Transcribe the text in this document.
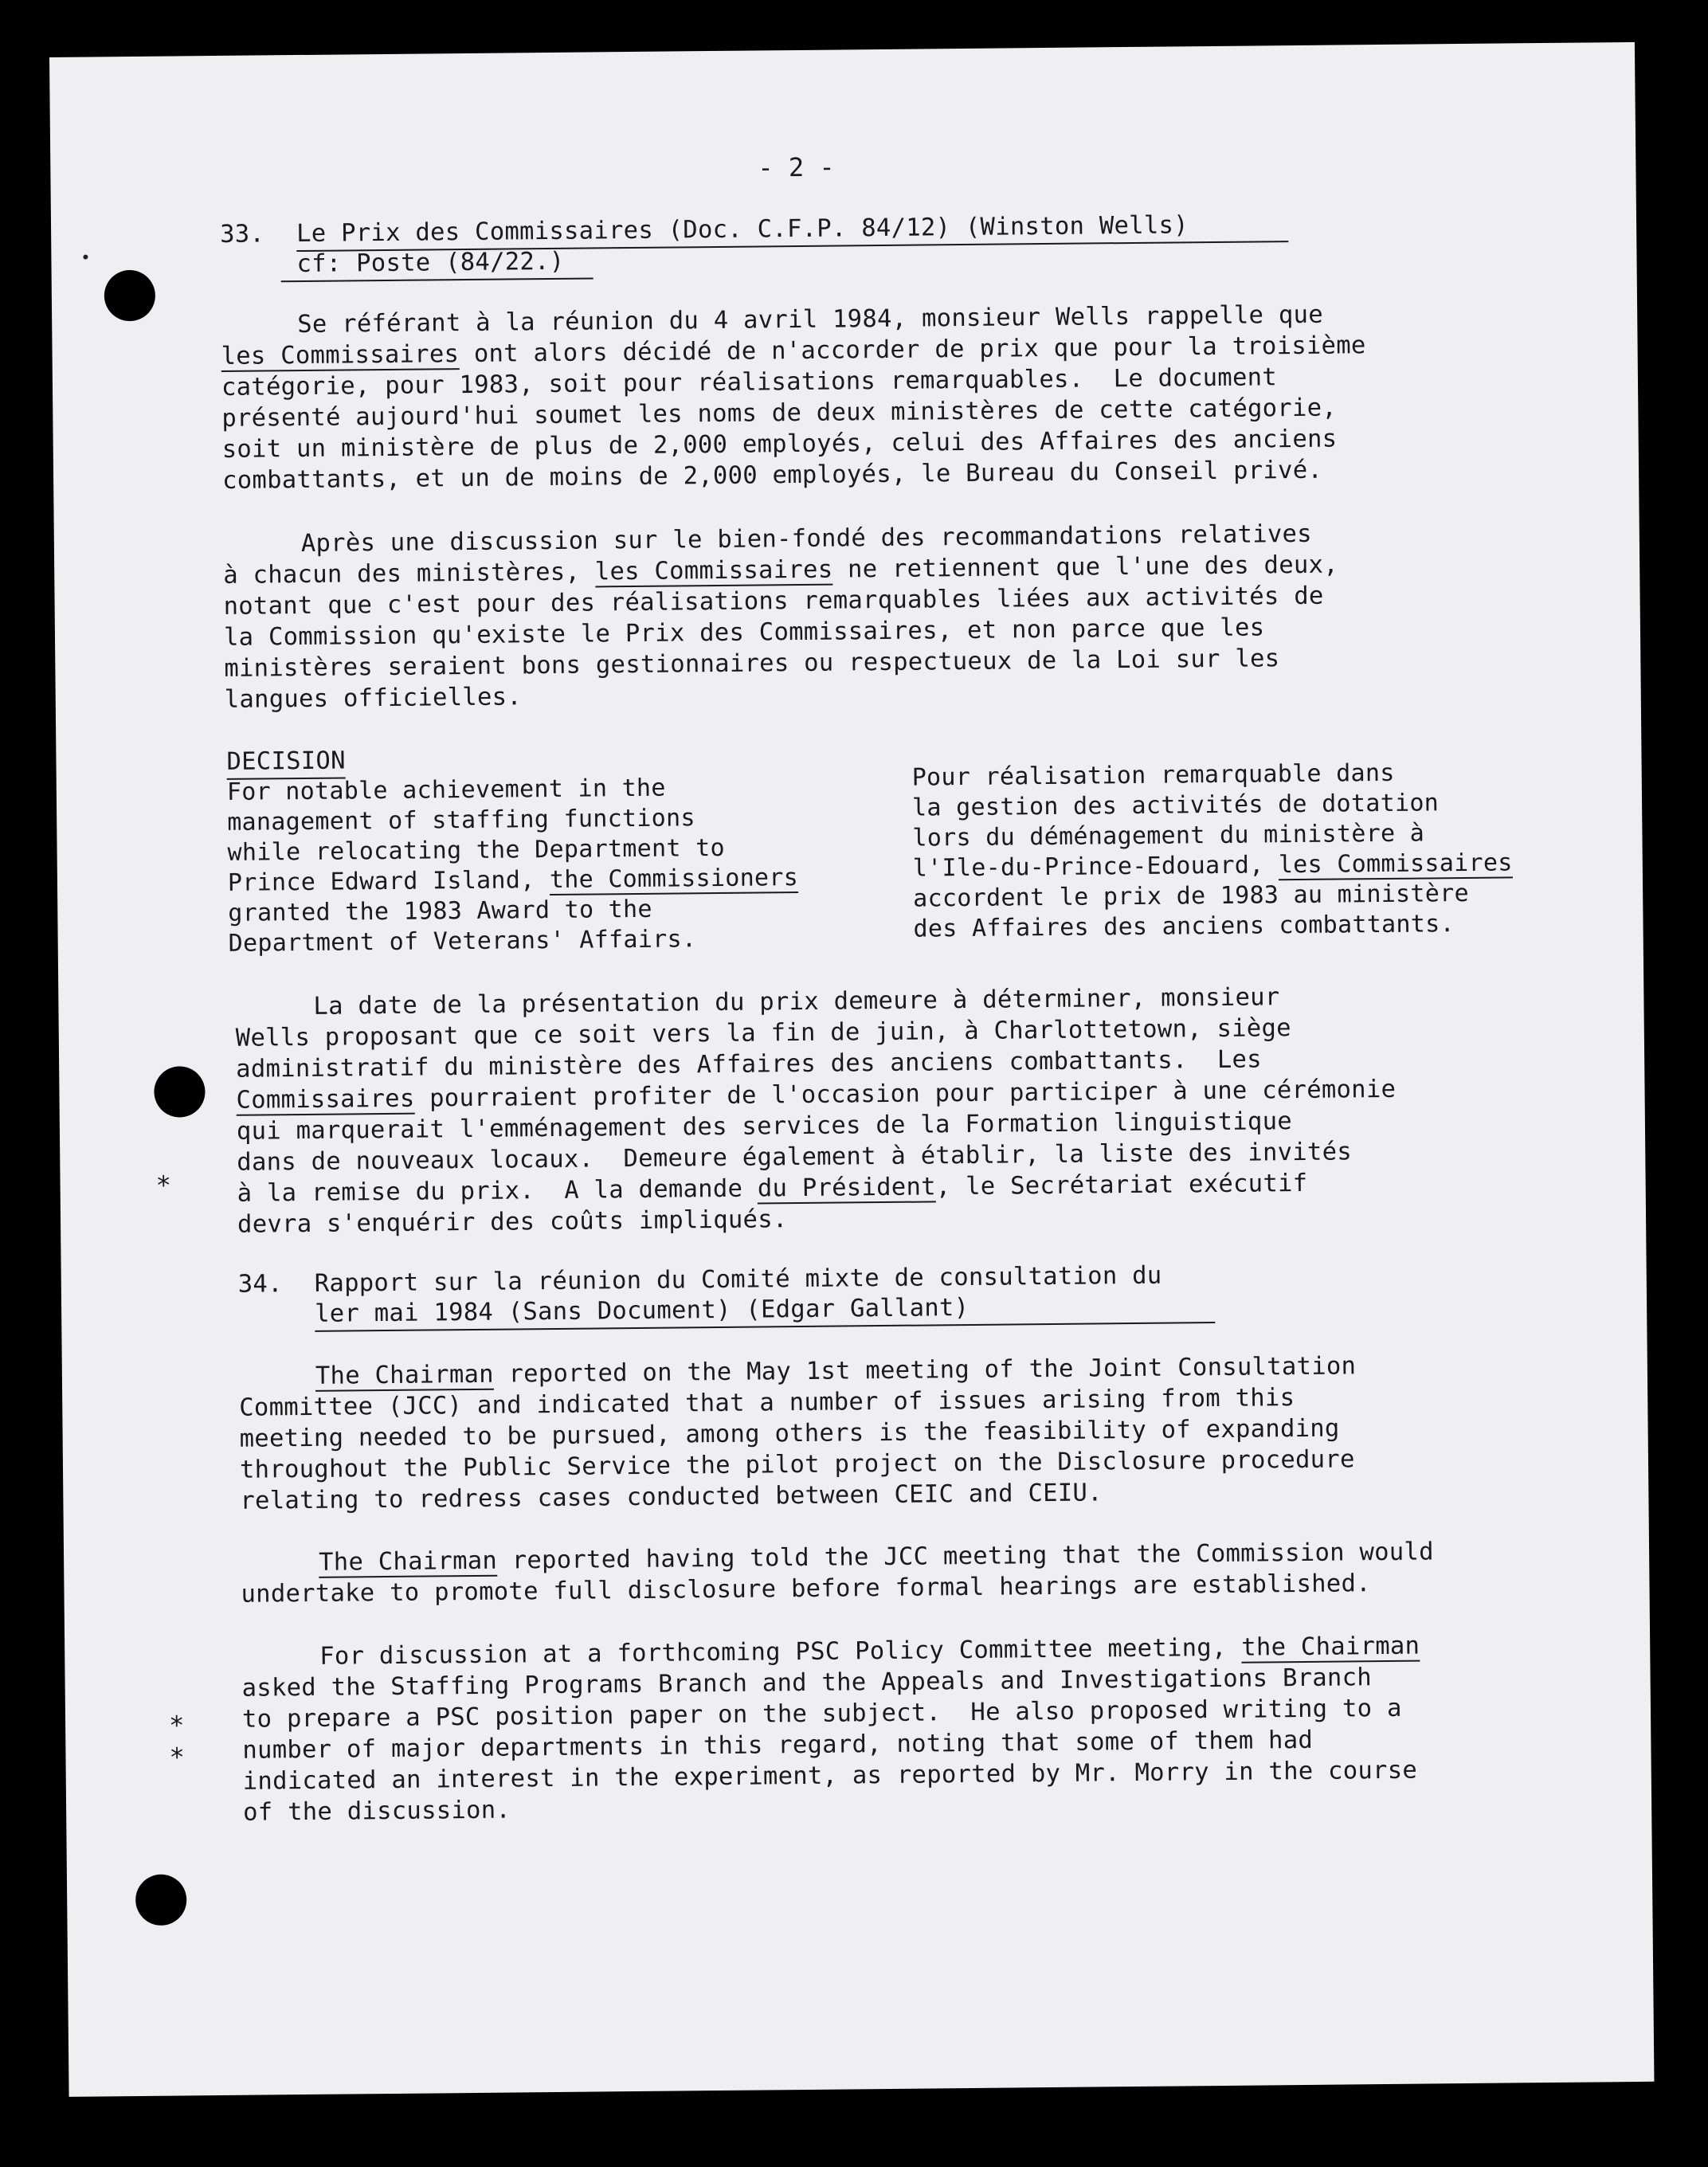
- 2 -
33. Le Prix des Commissaires (Doc. C.F.P. 84/12) (Winston Wells)
cf: Poste (84/22.)
Se référant à la réunion du 4 avril 1984, monsieur Wells rappelle que
les Commissaires ont alors décidé de n'accorder de prix que pour la troisième
catégorie, pour 1983, soit pour réalisations remarquables.  Le document
présenté aujourd'hui soumet les noms de deux ministères de cette catégorie,
soit un ministère de plus de 2,000 employés, celui des Affaires des anciens
combattants, et un de moins de 2,000 employés, le Bureau du Conseil privé.
Après une discussion sur le bien-fondé des recommandations relatives
à chacun des ministères, les Commissaires ne retiennent que l'une des deux,
notant que c'est pour des réalisations remarquables liées aux activités de
la Commission qu'existe le Prix des Commissaires, et non parce que les
ministères seraient bons gestionnaires ou respectueux de la Loi sur les
langues officielles.
DECISION
For notable achievement in the
management of staffing functions
while relocating the Department to
Prince Edward Island, the Commissioners
granted the 1983 Award to the
Department of Veterans' Affairs.
Pour réalisation remarquable dans
la gestion des activités de dotation
lors du déménagement du ministère à
l'Ile-du-Prince-Edouard, les Commissaires
accordent le prix de 1983 au ministère
des Affaires des anciens combattants.
La date de la présentation du prix demeure à déterminer, monsieur
Wells proposant que ce soit vers la fin de juin, à Charlottetown, siège
administratif du ministère des Affaires des anciens combattants.  Les
Commissaires pourraient profiter de l'occasion pour participer à une cérémonie
qui marquerait l'emménagement des services de la Formation linguistique
dans de nouveaux locaux.  Demeure également à établir, la liste des invités
à la remise du prix.  A la demande du Président, le Secrétariat exécutif
devra s'enquérir des coûts impliqués.
*
34. Rapport sur la réunion du Comité mixte de consultation du
ler mai 1984 (Sans Document) (Edgar Gallant)
The Chairman reported on the May 1st meeting of the Joint Consultation
Committee (JCC) and indicated that a number of issues arising from this
meeting needed to be pursued, among others is the feasibility of expanding
throughout the Public Service the pilot project on the Disclosure procedure
relating to redress cases conducted between CEIC and CEIU.
The Chairman reported having told the JCC meeting that the Commission would
undertake to promote full disclosure before formal hearings are established.
For discussion at a forthcoming PSC Policy Committee meeting, the Chairman
asked the Staffing Programs Branch and the Appeals and Investigations Branch
to prepare a PSC position paper on the subject.  He also proposed writing to a
number of major departments in this regard, noting that some of them had
indicated an interest in the experiment, as reported by Mr. Morry in the course
of the discussion.
*
*
